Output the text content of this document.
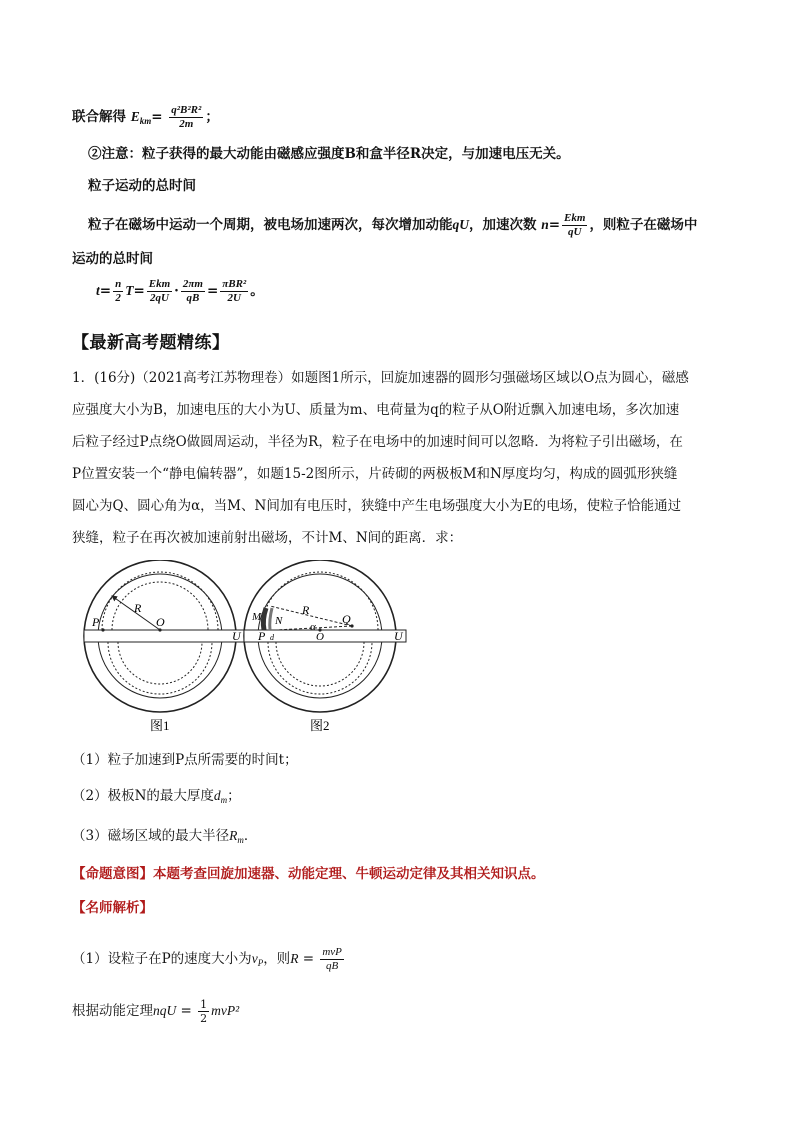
联合解得 $E_{km}= \frac{\text{q²B²R²}}{2m}$ ；
②注意：粒子获得的最大动能由磁感应强度B和盒半径R决定，与加速电压无关。
粒子运动的总时间
粒子在磁场中运动一个周期，被电场加速两次，每次增加动能qU，加速次数 $n= \frac{\text{Ekm}}{qU}$ ，则粒子在磁场中
运动的总时间
$t= \frac{n}{2} T= \frac{\text{Ekm}}{2qU} \cdot \frac{2\pi m}{qB} = \frac{\text{πBR²}}{2U}$ 。
【最新高考题精练】
1．(16分)（2021高考江苏物理卷）如题图1所示，回旋加速器的圆形匀强磁场区域以O点为圆心，磁感
应强度大小为B，加速电压的大小为U、质量为m、电荷量为q的粒子从O附近飘入加速电场，多次加速
后粒子经过P点绕O做圆周运动，半径为R，粒子在电场中的加速时间可以忽略．为将粒子引出磁场，在
P位置安装一个“静电偏转器”，如题15-2图所示，片砖砌的两极板M和N厚度均匀，构成的圆弧形狭缝
圆心为Q、圆心角为α，当M、N间加有电压时，狭缝中产生电场强度大小为E的电场，使粒子恰能通过
狭缝，粒子在再次被加速前射出磁场，不计M、N间的距离．求：
R
O
P
U
图1
M N
R
α
Q
O
P d	U
图2
（1）粒子加速到P点所需要的时间t；
（2）极板N的最大厚度$d_m$；
（3）磁场区域的最大半径$R_m$．
【命题意图】本题考查回旋加速器、动能定理、牛顿运动定律及其相关知识点。
【名师解析】
（1）设粒子在P的速度大小为$v_P$，则$R = \frac{\text{mvP}}{qB}$
根据动能定理nqU = $\frac{1}{2} mvP^2$
